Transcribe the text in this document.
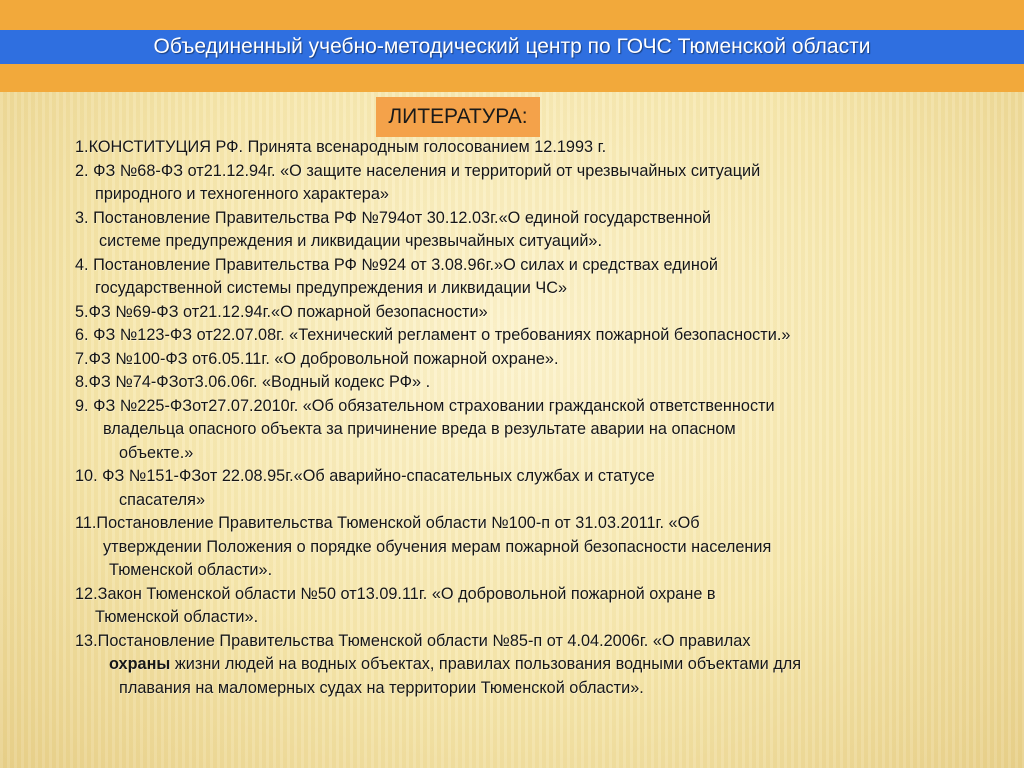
Объединенный учебно-методический центр по ГОЧС Тюменской области
ЛИТЕРАТУРА:
1.КОНСТИТУЦИЯ РФ. Принята всенародным голосованием 12.1993 г.
2. ФЗ №68-ФЗ от21.12.94г. «О защите населения и территорий от чрезвычайных ситуаций
природного и техногенного характера»
3. Постановление Правительства РФ №794от 30.12.03г.«О единой государственной
системе предупреждения и ликвидации чрезвычайных ситуаций».
4. Постановление Правительства РФ №924 от 3.08.96г.»О силах и средствах единой
государственной системы предупреждения и ликвидации ЧС»
5.ФЗ №69-ФЗ от21.12.94г.«О пожарной безопасности»
6. ФЗ №123-ФЗ от22.07.08г. «Технический регламент о требованиях пожарной безопасности.»
7.ФЗ №100-ФЗ от6.05.11г. «О добровольной пожарной охране».
8.ФЗ №74-ФЗот3.06.06г. «Водный кодекс РФ» .
9. ФЗ №225-ФЗот27.07.2010г. «Об обязательном страховании гражданской ответственности
владельца опасного объекта за причинение вреда в результате аварии на опасном
объекте.»
10. ФЗ №151-ФЗот 22.08.95г.«Об аварийно-спасательных службах и статусе
спасателя»
11.Постановление Правительства Тюменской области №100-п от 31.03.2011г. «Об
утверждении Положения о порядке обучения мерам пожарной безопасности населения
Тюменской области».
12.Закон Тюменской области №50 от13.09.11г. «О добровольной пожарной охране в
Тюменской области».
13.Постановление Правительства Тюменской области №85-п от 4.04.2006г. «О правилах
охраны жизни людей на водных объектах, правилах пользования водными объектами для
плавания на маломерных судах на территории Тюменской области».
